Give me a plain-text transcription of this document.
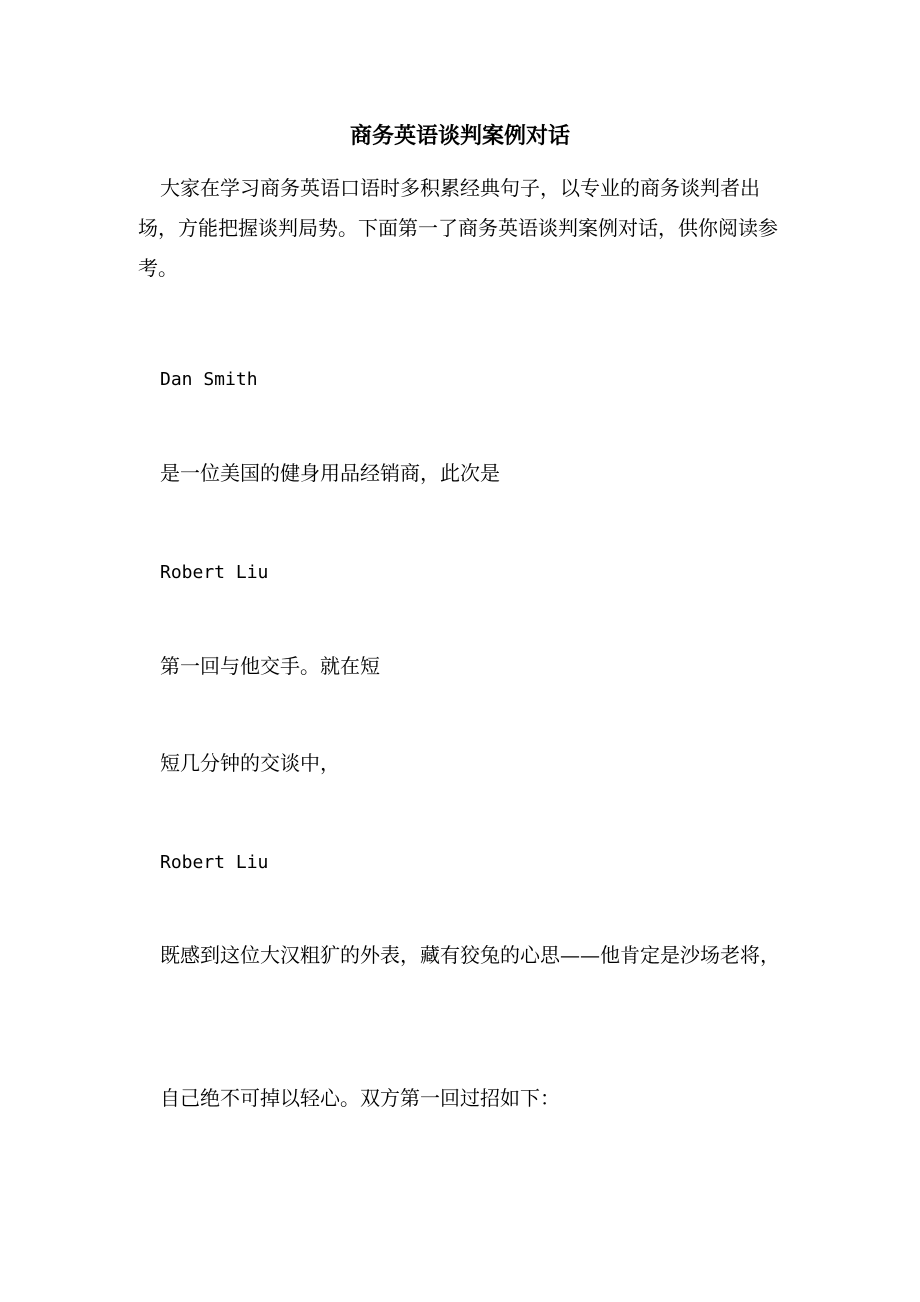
商务英语谈判案例对话

大家在学习商务英语口语时多积累经典句子，以专业的商务谈判者出场，方能把握谈判局势。下面第一了商务英语谈判案例对话，供你阅读参考。

Dan Smith

是一位美国的健身用品经销商，此次是

Robert Liu

第一回与他交手。就在短

短几分钟的交谈中，

Robert Liu

既感到这位大汉粗犷的外表，藏有狡兔的心思——他肯定是沙场老将，

自己绝不可掉以轻心。双方第一回过招如下：
